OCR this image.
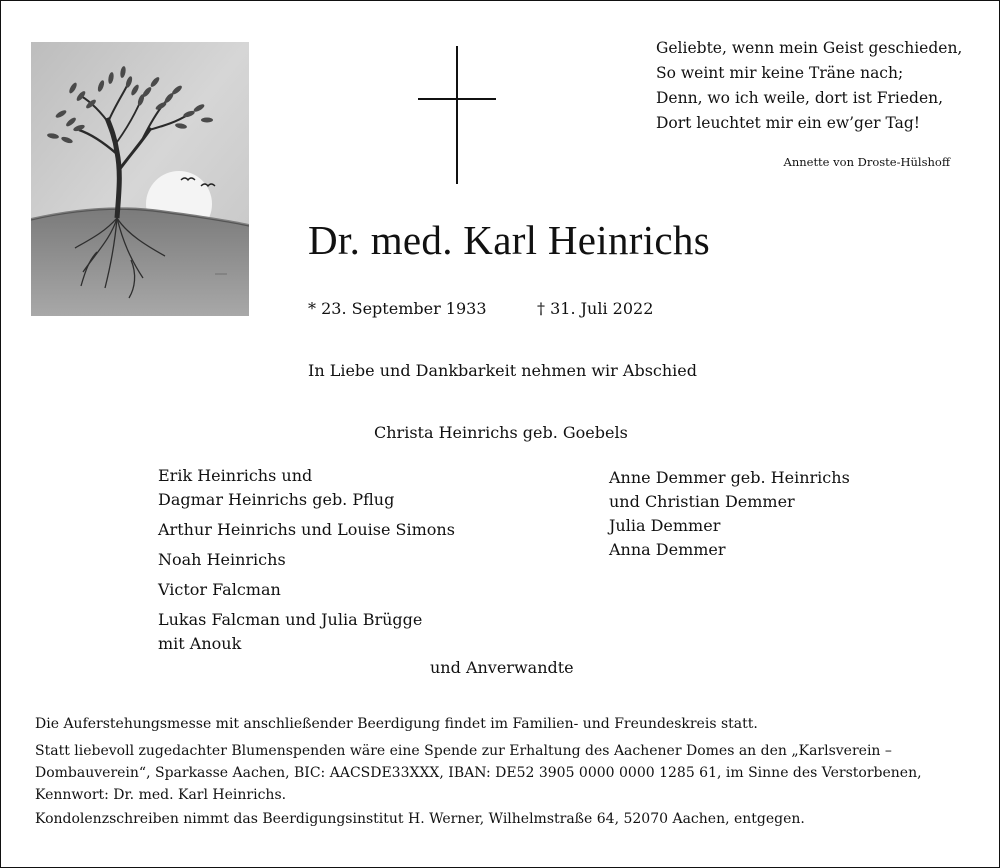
Geliebte, wenn mein Geist geschieden,
So weint mir keine Träne nach;
Denn, wo ich weile, dort ist Frieden,
Dort leuchtet mir ein ew’ger Tag!
Annette von Droste-Hülshoff
Dr. med. Karl Heinrichs
* 23. September 1933	† 31. Juli 2022
In Liebe und Dankbarkeit nehmen wir Abschied
Christa Heinrichs geb. Goebels
Erik Heinrichs und
Dagmar Heinrichs geb. Pflug
Arthur Heinrichs und Louise Simons
Noah Heinrichs
Victor Falcman
Lukas Falcman und Julia Brügge
mit Anouk
Anne Demmer geb. Heinrichs
und Christian Demmer
Julia Demmer
Anna Demmer
und Anverwandte
Die Auferstehungsmesse mit anschließender Beerdigung findet im Familien- und Freundeskreis statt.
Statt liebevoll zugedachter Blumenspenden wäre eine Spende zur Erhaltung des Aachener Domes an den „Karlsverein –
Dombauverein“, Sparkasse Aachen, BIC: AACSDE33XXX, IBAN: DE52 3905 0000 0000 1285 61, im Sinne des Verstorbenen,
Kennwort: Dr. med. Karl Heinrichs.
Kondolenzschreiben nimmt das Beerdigungsinstitut H. Werner, Wilhelmstraße 64, 52070 Aachen, entgegen.
